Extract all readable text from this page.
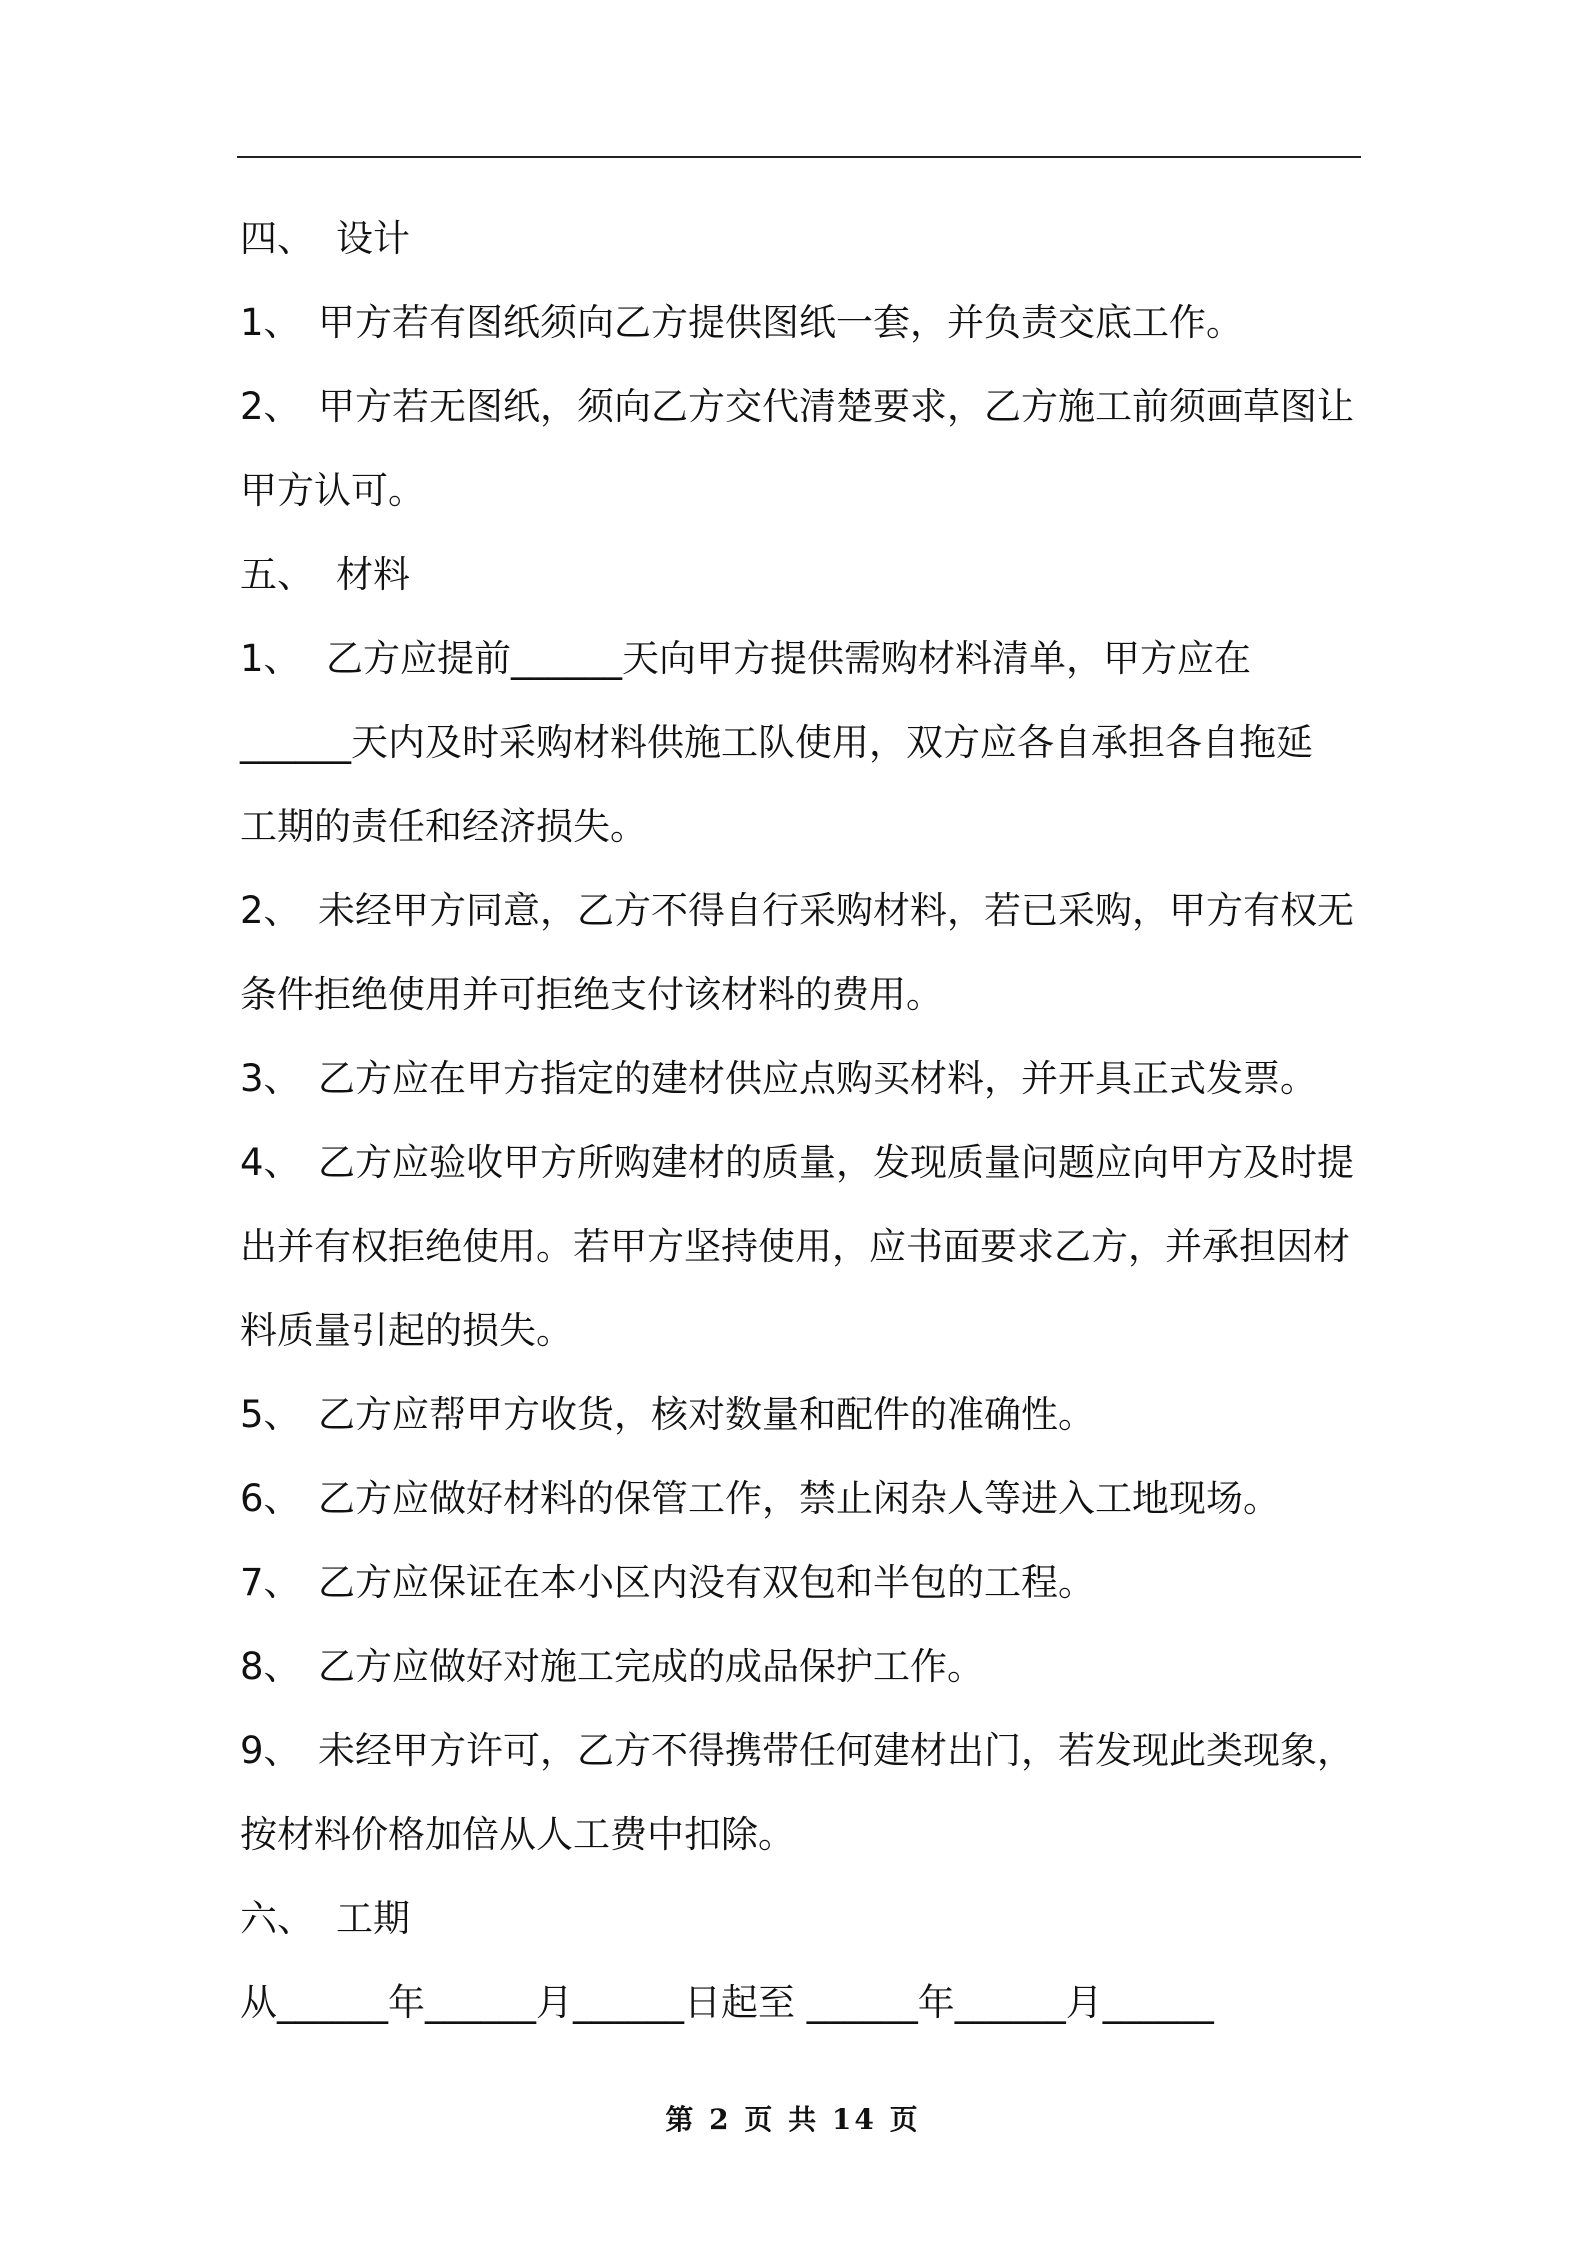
四、 设计
1、 甲方若有图纸须向乙方提供图纸一套，并负责交底工作。
2、 甲方若无图纸，须向乙方交代清楚要求，乙方施工前须画草图让
甲方认可。
五、 材料
1、 乙方应提前______天向甲方提供需购材料清单，甲方应在
______天内及时采购材料供施工队使用，双方应各自承担各自拖延
工期的责任和经济损失。
2、 未经甲方同意，乙方不得自行采购材料，若已采购，甲方有权无
条件拒绝使用并可拒绝支付该材料的费用。
3、 乙方应在甲方指定的建材供应点购买材料，并开具正式发票。
4、 乙方应验收甲方所购建材的质量，发现质量问题应向甲方及时提
出并有权拒绝使用。若甲方坚持使用，应书面要求乙方，并承担因材
料质量引起的损失。
5、 乙方应帮甲方收货，核对数量和配件的准确性。
6、 乙方应做好材料的保管工作，禁止闲杂人等进入工地现场。
7、 乙方应保证在本小区内没有双包和半包的工程。
8、 乙方应做好对施工完成的成品保护工作。
9、 未经甲方许可，乙方不得携带任何建材出门，若发现此类现象，
按材料价格加倍从人工费中扣除。
六、 工期
从______年______月______日起至 ______年______月______
第 2 页 共 14 页
